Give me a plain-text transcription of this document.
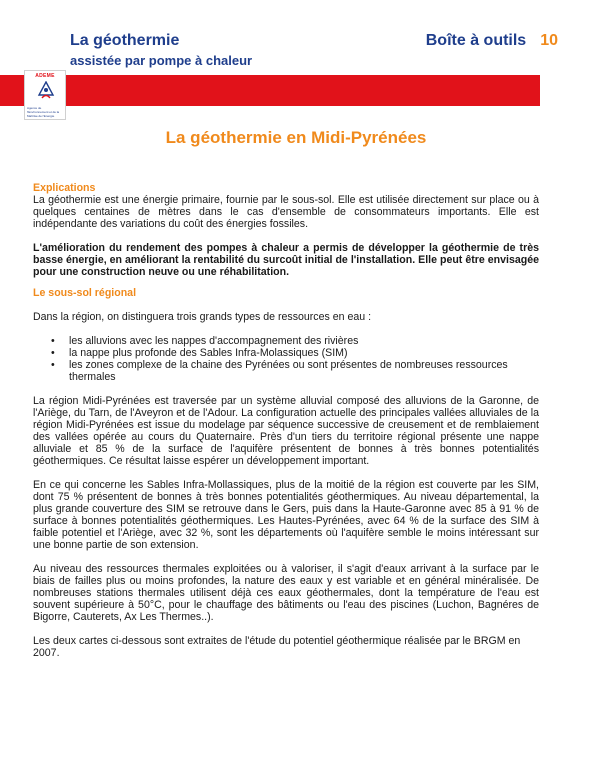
La géothermie
assistée par pompe à chaleur
Boîte à outils 10
ADEME
Agence de l'Environnement et de la Maîtrise de l'Energie
La géothermie en Midi-Pyrénées

Explications

La géothermie est une énergie primaire, fournie par le sous-sol. Elle est utilisée directement sur place ou à quelques centaines de mètres dans le cas d'ensemble de consommateurs importants. Elle est indépendante des variations du coût des énergies fossiles.

L'amélioration du rendement des pompes à chaleur a permis de développer la géothermie de très basse énergie, en améliorant la rentabilité du surcoût initial de l'installation. Elle peut être envisagée pour une construction neuve ou une réhabilitation.

Le sous-sol régional

Dans la région, on distinguera trois grands types de ressources en eau :

• les alluvions avec les nappes d'accompagnement des rivières
• la nappe plus profonde des Sables Infra-Molassiques (SIM)
• les zones complexe de la chaine des Pyrénées ou sont présentes de nombreuses ressources thermales

La région Midi-Pyrénées est traversée par un système alluvial composé des alluvions de la Garonne, de l'Ariège, du Tarn, de l'Aveyron et de l'Adour. La configuration actuelle des principales vallées alluviales de la région Midi-Pyrénées est issue du modelage par séquence successive de creusement et de remblaiement des vallées opérée au cours du Quaternaire. Près d'un tiers du territoire régional présente une nappe alluviale et 85 % de la surface de l'aquifère présentent de bonnes à très bonnes potentialités géothermiques. Ce résultat laisse espérer un développement important.

En ce qui concerne les Sables Infra-Mollassiques, plus de la moitié de la région est couverte par les SIM, dont 75 % présentent de bonnes à très bonnes potentialités géothermiques. Au niveau départemental, la plus grande couverture des SIM se retrouve dans le Gers, puis dans la Haute-Garonne avec 85 à 91 % de surface à bonnes potentialités géothermiques. Les Hautes-Pyrénées, avec 64 % de la surface des SIM à faible potentiel et l'Ariège, avec 32 %, sont les départements où l'aquifère semble le moins intéressant sur une bonne partie de son extension.

Au niveau des ressources thermales exploitées ou à valoriser, il s'agit d'eaux arrivant à la surface par le biais de failles plus ou moins profondes, la nature des eaux y est variable et en général minéralisée. De nombreuses stations thermales utilisent déjà ces eaux géothermales, dont la température de l'eau est souvent supérieure à 50°C, pour le chauffage des bâtiments ou l'eau des piscines (Luchon, Bagnéres de Bigorre, Cauterets, Ax Les Thermes..).

Les deux cartes ci-dessous sont extraites de l'étude du potentiel géothermique réalisée par le BRGM en 2007.
